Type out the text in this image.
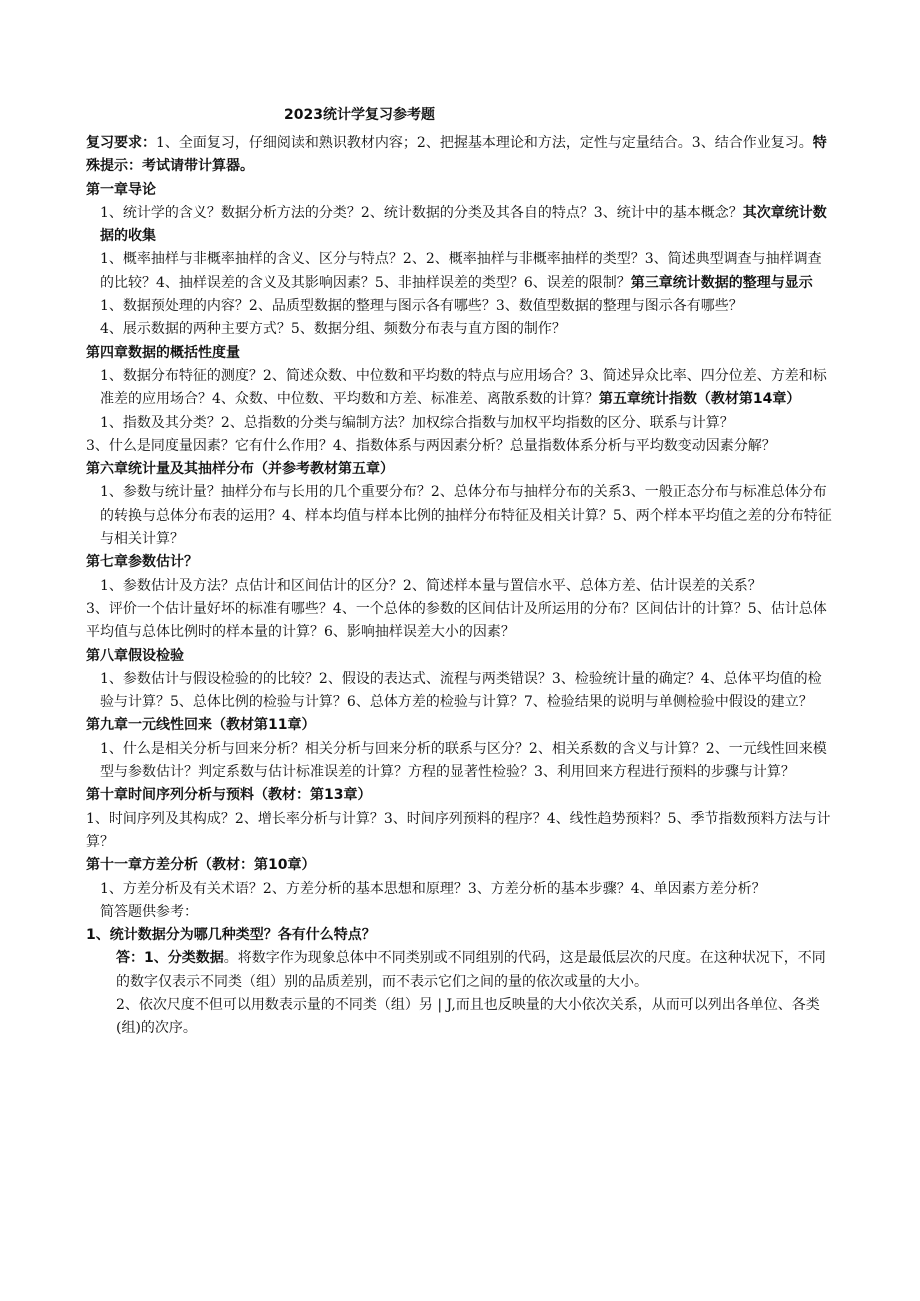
2023统计学复习参考题

复习要求：1、全面复习，仔细阅读和熟识教材内容；2、把握基本理论和方法，定性与定量结合。3、结合作业复习。特殊提示：考试请带计算器。

第一章导论

1、统计学的含义？数据分析方法的分类？2、统计数据的分类及其各自的特点？3、统计中的基本概念？其次章统计数据的收集

1、概率抽样与非概率抽样的含义、区分与特点？2、2、概率抽样与非概率抽样的类型？3、简述典型调查与抽样调查的比较？4、抽样误差的含义及其影响因素？5、非抽样误差的类型？6、误差的限制？第三章统计数据的整理与显示

1、数据预处理的内容？2、品质型数据的整理与图示各有哪些？3、数值型数据的整理与图示各有哪些？

4、展示数据的两种主要方式？5、数据分组、频数分布表与直方图的制作？

第四章数据的概括性度量

1、数据分布特征的测度？2、简述众数、中位数和平均数的特点与应用场合？3、简述异众比率、四分位差、方差和标准差的应用场合？4、众数、中位数、平均数和方差、标准差、离散系数的计算？第五章统计指数（教材第14章）

1、指数及其分类？2、总指数的分类与编制方法？加权综合指数与加权平均指数的区分、联系与计算？

3、什么是同度量因素？它有什么作用？4、指数体系与两因素分析？总量指数体系分析与平均数变动因素分解？

第六章统计量及其抽样分布（并参考教材第五章）

1、参数与统计量？抽样分布与长用的几个重要分布？2、总体分布与抽样分布的关系3、一般正态分布与标准总体分布的转换与总体分布表的运用？4、样本均值与样本比例的抽样分布特征及相关计算？5、两个样本平均值之差的分布特征与相关计算？

第七章参数估计？

1、参数估计及方法？点估计和区间估计的区分？2、简述样本量与置信水平、总体方差、估计误差的关系？

3、评价一个估计量好坏的标准有哪些？4、一个总体的参数的区间估计及所运用的分布？区间估计的计算？5、估计总体平均值与总体比例时的样本量的计算？6、影响抽样误差大小的因素？

第八章假设检验

1、参数估计与假设检验的的比较？2、假设的表达式、流程与两类错误？3、检验统计量的确定？4、总体平均值的检验与计算？5、总体比例的检验与计算？6、总体方差的检验与计算？7、检验结果的说明与单侧检验中假设的建立？

第九章一元线性回来（教材第11章）

1、什么是相关分析与回来分析？相关分析与回来分析的联系与区分？2、相关系数的含义与计算？2、一元线性回来模型与参数估计？判定系数与估计标准误差的计算？方程的显著性检验？3、利用回来方程进行预料的步骤与计算？

第十章时间序列分析与预料（教材：第13章）

1、时间序列及其构成？2、增长率分析与计算？3、时间序列预料的程序？4、线性趋势预料？5、季节指数预料方法与计算？

第十一章方差分析（教材：第10章）

1、方差分析及有关术语？2、方差分析的基本思想和原理？3、方差分析的基本步骤？4、单因素方差分析？

简答题供参考：

1、统计数据分为哪几种类型？各有什么特点？

答：1、分类数据。将数字作为现象总体中不同类别或不同组别的代码，这是最低层次的尺度。在这种状况下，不同的数字仅表示不同类（组）别的品质差别，而不表示它们之间的量的依次或量的大小。

2、依次尺度不但可以用数表示量的不同类（组）另 | J,而且也反映量的大小依次关系，从而可以列出各单位、各类(组)的次序。
